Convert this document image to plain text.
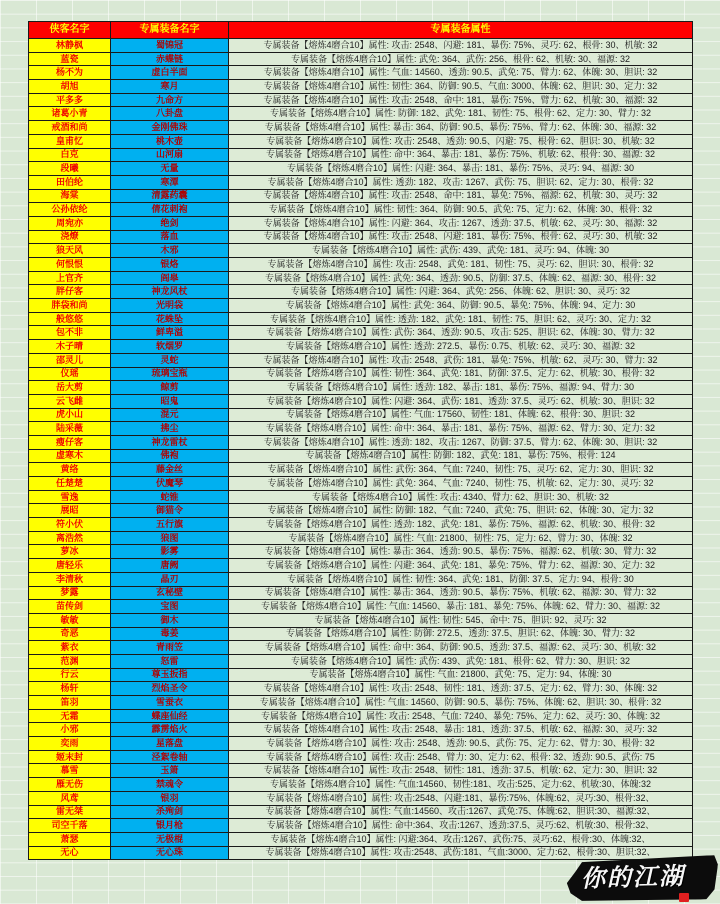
侠客名字	专属装备名字	专属装备属性
林静枫	蜀锦冠	专属装备【熔炼4磨合10】属性: 攻击: 2548、闪避: 181、暴伤: 75%、灵巧: 62、根骨: 30、机敏: 32
蓝瓷	赤蝶链	专属装备【熔炼4磨合10】属性: 武免: 364、武伤: 256、根骨: 62、机敏: 30、福源: 32
杨不为	虚白半面	专属装备【熔炼4磨合10】属性: 气血: 14560、透劲: 90.5、武免: 75、臂力: 62、体魄: 30、胆识: 32
胡旭	寒月	专属装备【熔炼4磨合10】属性: 韧性: 364、防御: 90.5、气血: 3000、体魄: 62、胆识: 30、定力: 32
平多多	九命方	专属装备【熔炼4磨合10】属性: 攻击: 2548、命中: 181、暴伤: 75%、臂力: 62、机敏: 30、福源: 32
诸葛小青	八卦盘	专属装备【熔炼4磨合10】属性: 防御: 182、武免: 181、韧性: 75、根骨: 62、定力: 30、臂力: 32
戒酒和尚	金刚佛珠	专属装备【熔炼4磨合10】属性: 暴击: 364、防御: 90.5、暴伤: 75%、臂力: 62、体魄: 30、福源: 32
皇甫忆	桃木壶	专属装备【熔炼4磨合10】属性: 攻击: 2548、透劲: 90.5、闪避: 75、根骨: 62、胆识: 30、机敏: 32
白克	山河扇	专属装备【熔炼4磨合10】属性: 命中: 364、暴击: 181、暴伤: 75%、机敏: 62、根骨: 30、福源: 32
段曦	无量	专属装备【熔炼4磨合10】属性: 闪避: 364、暴击: 181、暴伤: 75%、灵巧: 94、福源: 30
田伯纶	寒潭	专属装备【熔炼4磨合10】属性: 透劲: 182、攻击: 1267、武伤: 75、胆识: 62、定力: 30、根骨: 32
海棠	清露药囊	专属装备【熔炼4磨合10】属性: 攻击: 2548、命中: 181、暴免: 75%、福源: 62、机敏: 30、灵巧: 32
公孙依纶	倩花刺袍	专属装备【熔炼4磨合10】属性: 韧性: 364、防御: 90.5、武免: 75、定力: 62、体魄: 30、根骨: 32
周宛亦	绝剑	专属装备【熔炼4磨合10】属性: 闪避: 364、攻击: 1267、透劲: 37.5、机敏: 62、灵巧: 30、福源: 32
浇燎	落血	专属装备【熔炼4磨合10】属性: 攻击: 2548、闪避: 181、暴伤: 75%、根骨: 62、灵巧: 30、机敏: 32
狼天风	木邪	专属装备【熔炼4磨合10】属性: 武伤: 439、武免: 181、灵巧: 94、体魄: 30
何恨恨	银烙	专属装备【熔炼4磨合10】属性: 攻击: 2548、武免: 181、韧性: 75、灵巧: 62、胆识: 30、根骨: 32
上官齐	阎皋	专属装备【熔炼4磨合10】属性: 武免: 364、透劲: 90.5、防御: 37.5、体魄: 62、福源: 30、根骨: 32
胖仔客	神龙风杖	专属装备【熔炼4磨合10】属性: 闪避: 364、武免: 256、体魄: 62、胆识: 30、灵巧: 32
胖袋和尚	光明袋	专属装备【熔炼4磨合10】属性: 武免: 364、防御: 90.5、暴免: 75%、体魄: 94、定力: 30
般悠悠	花蛛坠	专属装备【熔炼4磨合10】属性: 透劲: 182、武免: 181、韧性: 75、胆识: 62、灵巧: 30、定力: 32
包不非	鲜卑溢	专属装备【熔炼4磨合10】属性: 武伤: 364、透劲: 90.5、攻击: 525、胆识: 62、体魄: 30、臂力: 32
木子晴	软烟罗	专属装备【熔炼4磨合10】属性: 透劲: 272.5、暴伤: 0.75、机敏: 62、灵巧: 30、福源: 32
邵灵儿	灵蛇	专属装备【熔炼4磨合10】属性: 攻击: 2548、武伤: 181、暴免: 75%、机敏: 62、灵巧: 30、臂力: 32
仪瑶	琉璃宝瓶	专属装备【熔炼4磨合10】属性: 韧性: 364、武免: 181、防御: 37.5、定力: 62、机敏: 30、根骨: 32
岳大剪	鲸剪	专属装备【熔炼4磨合10】属性: 透劲: 182、暴击: 181、暴伤: 75%、福源: 94、臂力: 30
云飞雌	昭鬼	专属装备【熔炼4磨合10】属性: 闪避: 364、武伤: 181、透劲: 37.5、灵巧: 62、机敏: 30、胆识: 32
虎小山	混元	专属装备【熔炼4磨合10】属性: 气血: 17560、韧性: 181、体魄: 62、根骨: 30、胆识: 32
陆采薇	拂尘	专属装备【熔炼4磨合10】属性: 命中: 364、暴击: 181、暴伤: 75%、福源: 62、臂力: 30、定力: 32
瘦仔客	神龙雷杖	专属装备【熔炼4磨合10】属性: 透劲: 182、攻击: 1267、防御: 37.5、臂力: 62、体魄: 30、胆识: 32
虚寒木	佛袍	专属装备【熔炼4磨合10】属性: 防御: 182、武免: 181、暴伤: 75%、根骨: 124
黄络	藤金丝	专属装备【熔炼4磨合10】属性: 武伤: 364、气血: 7240、韧性: 75、灵巧: 62、定力: 30、胆识: 32
任楚楚	伏魔琴	专属装备【熔炼4磨合10】属性: 武免: 364、气血: 7240、韧性: 75、机敏: 62、定力: 30、灵巧: 32
雪逸	蛇锥	专属装备【熔炼4磨合10】属性: 攻击: 4340、臂力: 62、胆识: 30、机敏: 32
展昭	御猫令	专属装备【熔炼4磨合10】属性: 防御: 182、气血: 7240、武免: 75、胆识: 62、体魄: 30、定力: 32
符小伏	五行旗	专属装备【熔炼4磨合10】属性: 透劲: 182、武免: 181、暴伤: 75%、福源: 62、机敏: 30、根骨: 32
离浩然	狼图	专属装备【熔炼4磨合10】属性: 气血: 21800、韧性: 75、定力: 62、臂力: 30、体魄: 32
萝冰	影雾	专属装备【熔炼4磨合10】属性: 暴击: 364、透劲: 90.5、暴伤: 75%、福源: 62、机敏: 30、臂力: 32
唐轻乐	唐阙	专属装备【熔炼4磨合10】属性: 闪避: 364、武免: 181、暴免: 75%、臂力: 62、福源: 30、定力: 32
李清秋	晶刃	专属装备【熔炼4磨合10】属性: 韧性: 364、武免: 181、防御: 37.5、定力: 94、根骨: 30
梦露	玄秘壁	专属装备【熔炼4磨合10】属性: 暴击: 364、透劲: 90.5、暴伤: 75%、机敏: 62、福源: 30、臂力: 32
苗传剑	宝图	专属装备【熔炼4磨合10】属性: 气血: 14560、暴击: 181、暴免: 75%、体魄: 62、臂力: 30、福源: 32
敏敏	御木	专属装备【熔炼4磨合10】属性: 韧性: 545、命中: 75、胆识: 92、灵巧: 32
奇恶	毒姜	专属装备【熔炼4磨合10】属性: 防御: 272.5、透劲: 37.5、胆识: 62、体魄: 30、臂力: 32
紫衣	青雨笠	专属装备【熔炼4磨合10】属性: 命中: 364、防御: 90.5、透劲: 37.5、福源: 62、灵巧: 30、机敏: 32
范渊	怒雷	专属装备【熔炼4磨合10】属性: 武伤: 439、武免: 181、根骨: 62、臂力: 30、胆识: 32
行云	尊玉扳指	专属装备【熔炼4磨合10】属性: 气血: 21800、武免: 75、定力: 94、体魄: 30
杨轩	烈焰圣令	专属装备【熔炼4磨合10】属性: 攻击: 2548、韧性: 181、透劲: 37.5、定力: 62、臂力: 30、体魄: 32
笛羽	雪蚕衣	专属装备【熔炼4磨合10】属性: 气血: 14560、防御: 90.5、暴伤: 75%、体魄: 62、胆识: 30、根骨: 32
无霜	蝶座仙经	专属装备【熔炼4磨合10】属性: 攻击: 2548、气血: 7240、暴免: 75%、定力: 62、灵巧: 30、体魄: 32
小邪	霹雳焰火	专属装备【熔炼4磨合10】属性: 攻击: 2548、暴击: 181、透劲: 37.5、机敏: 62、福源: 30、灵巧: 32
奕雨	星落盘	专属装备【熔炼4磨合10】属性: 攻击: 2548、透劲: 90.5、武伤: 75、定力: 62、臂力: 30、根骨: 32
姬末封	泾絮卷轴	专属装备【熔炼4磨合10】属性: 攻击: 2548、臂力: 30、定力: 62、根骨: 32、透劲: 90.5、武伤: 75
慕雪	玉箫	专属装备【熔炼4磨合10】属性: 攻击: 2548、韧性: 181、透劲: 37.5、机敏: 62、定力: 30、胆识: 32
雁无伤	禁魂令	专属装备【熔炼4磨合10】属性: 气血:14560、韧性:181、攻击:525、定力:62、机敏:30、体魄:32
风鸢	银羽	专属装备【熔炼4磨合10】属性: 攻击:2548、闪避:181、暴伤:75%、体魄:62、灵巧:30、根骨:32、
雷无桀	杀殉剑	专属装备【熔炼4磨合10】属性: 气血:14560、攻击:1267、武免:75、体魄:62、胆识:30、福源:32、
司空千落	银月枪	专属装备【熔炼4磨合10】属性: 命中:364、攻击:1267、透劲:37.5、灵巧:62、机敏:30、根骨:32、
萧瑟	无极棍	专属装备【熔炼4磨合10】属性: 闪避:364、攻击:1267、武伤:75、灵巧:62、根骨:30、体魄:32、
无心	无心珠	专属装备【熔炼4磨合10】属性: 攻击:2548、武伤:181、气血:3000、定力:62、根骨:30、胆识:32、
你的江湖
